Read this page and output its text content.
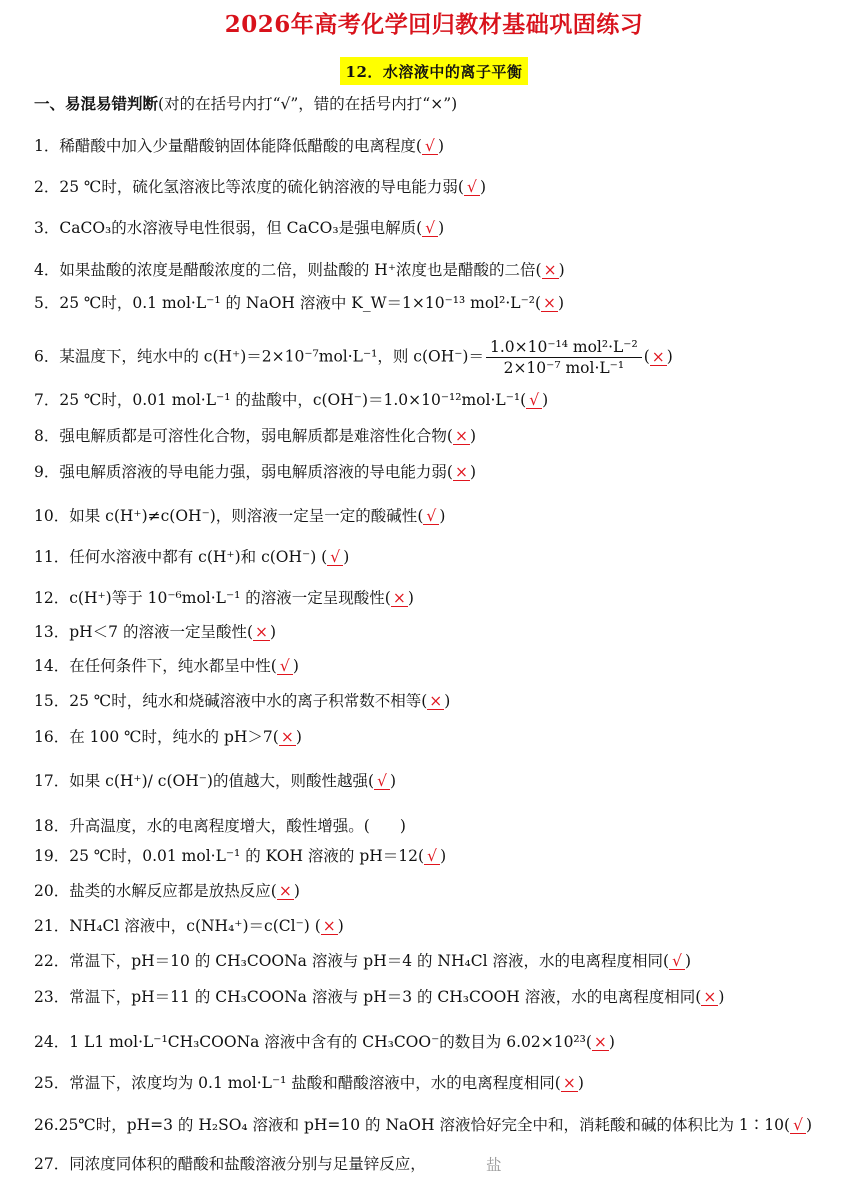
2026年高考化学回归教材基础巩固练习
12．水溶液中的离子平衡
一、易混易错判断(对的在括号内打“√”，错的在括号内打“×”)
1．稀醋酸中加入少量醋酸钠固体能降低醋酸的电离程度( √ )
2．25 ℃时，硫化氢溶液比等浓度的硫化钠溶液的导电能力弱( √ )
3．CaCO₃的水溶液导电性很弱，但 CaCO₃是强电解质( √ )
4．如果盐酸的浓度是醋酸浓度的二倍，则盐酸的 H⁺浓度也是醋酸的二倍( × )
5．25 ℃时，0.1 mol·L⁻¹ 的 NaOH 溶液中 K_W＝1×10⁻¹³ mol²·L⁻²( × )
6．某温度下，纯水中的 c(H⁺)＝2×10⁻⁷mol·L⁻¹，则 c(OH⁻)＝
1.0×10⁻¹⁴ mol²·L⁻²
2×10⁻⁷ mol·L⁻¹
( × )
7．25 ℃时，0.01 mol·L⁻¹ 的盐酸中，c(OH⁻)＝1.0×10⁻¹²mol·L⁻¹( √ )
8．强电解质都是可溶性化合物，弱电解质都是难溶性化合物( × )
9．强电解质溶液的导电能力强，弱电解质溶液的导电能力弱( × )
10．如果 c(H⁺)≠c(OH⁻)，则溶液一定呈一定的酸碱性( √ )
11．任何水溶液中都有 c(H⁺)和 c(OH⁻) ( √ )
12．c(H⁺)等于 10⁻⁶mol·L⁻¹ 的溶液一定呈现酸性( × )
13．pH＜7 的溶液一定呈酸性( × )
14．在任何条件下，纯水都呈中性( √ )
15．25 ℃时，纯水和烧碱溶液中水的离子积常数不相等( × )
16．在 100 ℃时，纯水的 pH＞7( × )
17．如果 c(H⁺)/ c(OH⁻)的值越大，则酸性越强( √ )
18．升高温度，水的电离程度增大，酸性增强。( )
19．25 ℃时，0.01 mol·L⁻¹ 的 KOH 溶液的 pH＝12( √ )
20．盐类的水解反应都是放热反应( × )
21．NH₄Cl 溶液中，c(NH₄⁺)＝c(Cl⁻) ( × )
22．常温下，pH＝10 的 CH₃COONa 溶液与 pH＝4 的 NH₄Cl 溶液，水的电离程度相同( √ )
23．常温下，pH＝11 的 CH₃COONa 溶液与 pH＝3 的 CH₃COOH 溶液，水的电离程度相同( × )
24．1 L1 mol·L⁻¹CH₃COONa 溶液中含有的 CH₃COO⁻的数目为 6.02×10²³( × )
25．常温下，浓度均为 0.1 mol·L⁻¹ 盐酸和醋酸溶液中，水的电离程度相同( × )
26.25℃时，pH=3 的 H₂SO₄ 溶液和 pH=10 的 NaOH 溶液恰好完全中和，消耗酸和碱的体积比为 1∶10( √ )
27．同浓度同体积的醋酸和盐酸溶液分别与足量锌反应，	盐
